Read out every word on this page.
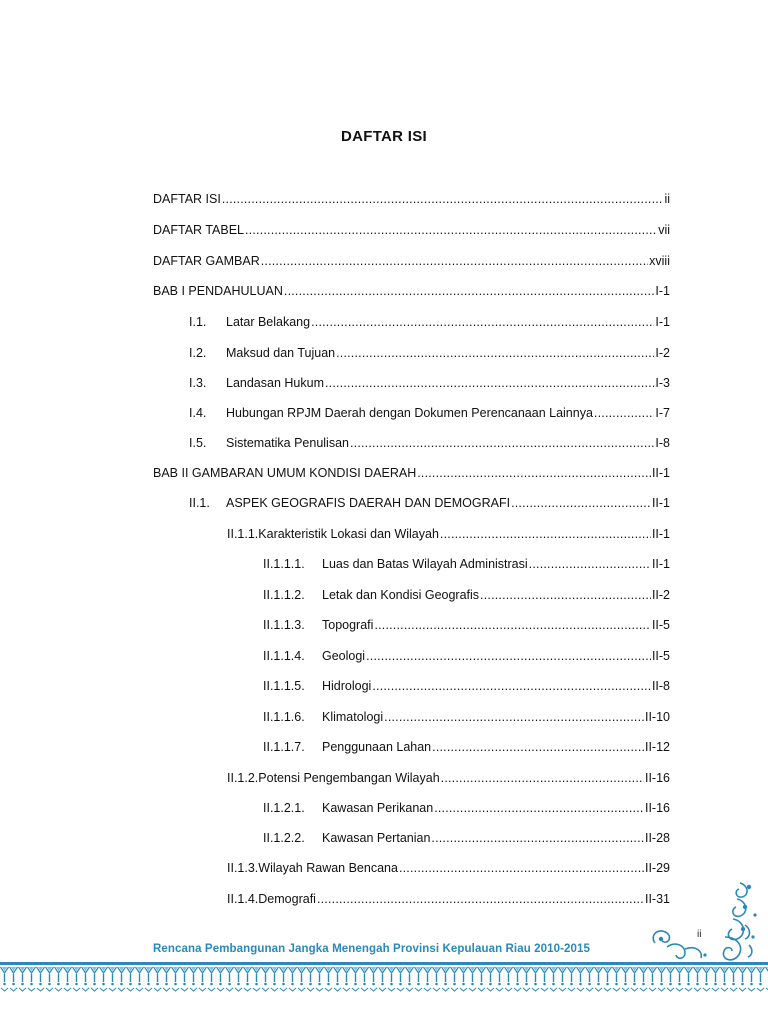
DAFTAR ISI
DAFTAR ISI .....	ii
DAFTAR TABEL .....	vii
DAFTAR GAMBAR .....	xviii
BAB I PENDAHULUAN .....	I-1
I.1.	Latar Belakang .....	I-1
I.2.	Maksud dan Tujuan .....	I-2
I.3.	Landasan Hukum .....	I-3
I.4.	Hubungan RPJM Daerah dengan Dokumen Perencanaan Lainnya .....	I-7
I.5.	Sistematika Penulisan .....	I-8
BAB II GAMBARAN UMUM KONDISI DAERAH .....	II-1
II.1.	ASPEK GEOGRAFIS DAERAH DAN DEMOGRAFI .....	II-1
II.1.1. Karakteristik Lokasi dan Wilayah .....	II-1
II.1.1.1.	Luas dan Batas Wilayah Administrasi .....	II-1
II.1.1.2.	Letak dan Kondisi Geografis .....	II-2
II.1.1.3.	Topografi .....	II-5
II.1.1.4.	Geologi .....	II-5
II.1.1.5.	Hidrologi .....	II-8
II.1.1.6.	Klimatologi .....	II-10
II.1.1.7.	Penggunaan Lahan .....	II-12
II.1.2. Potensi Pengembangan Wilayah .....	II-16
II.1.2.1.	Kawasan Perikanan .....	II-16
II.1.2.2.	Kawasan Pertanian .....	II-28
II.1.3. Wilayah Rawan Bencana .....	II-29
II.1.4. Demografi .....	II-31
ii
Rencana Pembangunan Jangka Menengah Provinsi Kepulauan Riau 2010-2015
